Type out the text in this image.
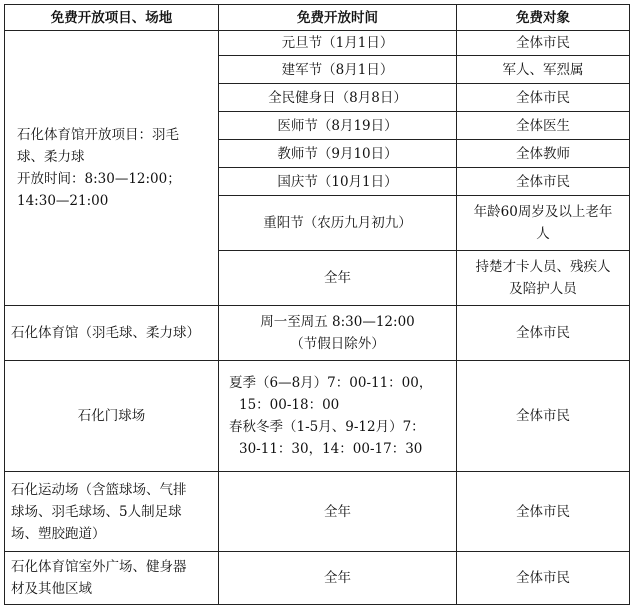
免费开放项目、场地	免费开放时间	免费对象

石化体育馆开放项目：羽毛
球、柔力球
开放时间：8:30—12:00；
14:30—21:00	元旦节（1月1日）	全体市民
	建军节（8月1日）	军人、军烈属
	全民健身日（8月8日）	全体市民
	医师节（8月19日）	全体医生
	教师节（9月10日）	全体教师
	国庆节（10月1日）	全体市民
	重阳节（农历九月初九）	年龄60周岁及以上老年
人

	全年	持楚才卡人员、残疾人
及陪护人员

石化体育馆（羽毛球、柔力球）	周一至周五 8:30—12:00
（节假日除外）	全体市民
石化门球场	夏季（6—8月）7：00-11：00，
15：00-18：00
春秋冬季（1-5月、9-12月）7：
30-11：30，14：00-17：30	全体市民

石化运动场（含篮球场、气排
球场、羽毛球场、5人制足球
场、塑胶跑道）	全年	全体市民

石化体育馆室外广场、健身器
材及其他区域	全年	全体市民
